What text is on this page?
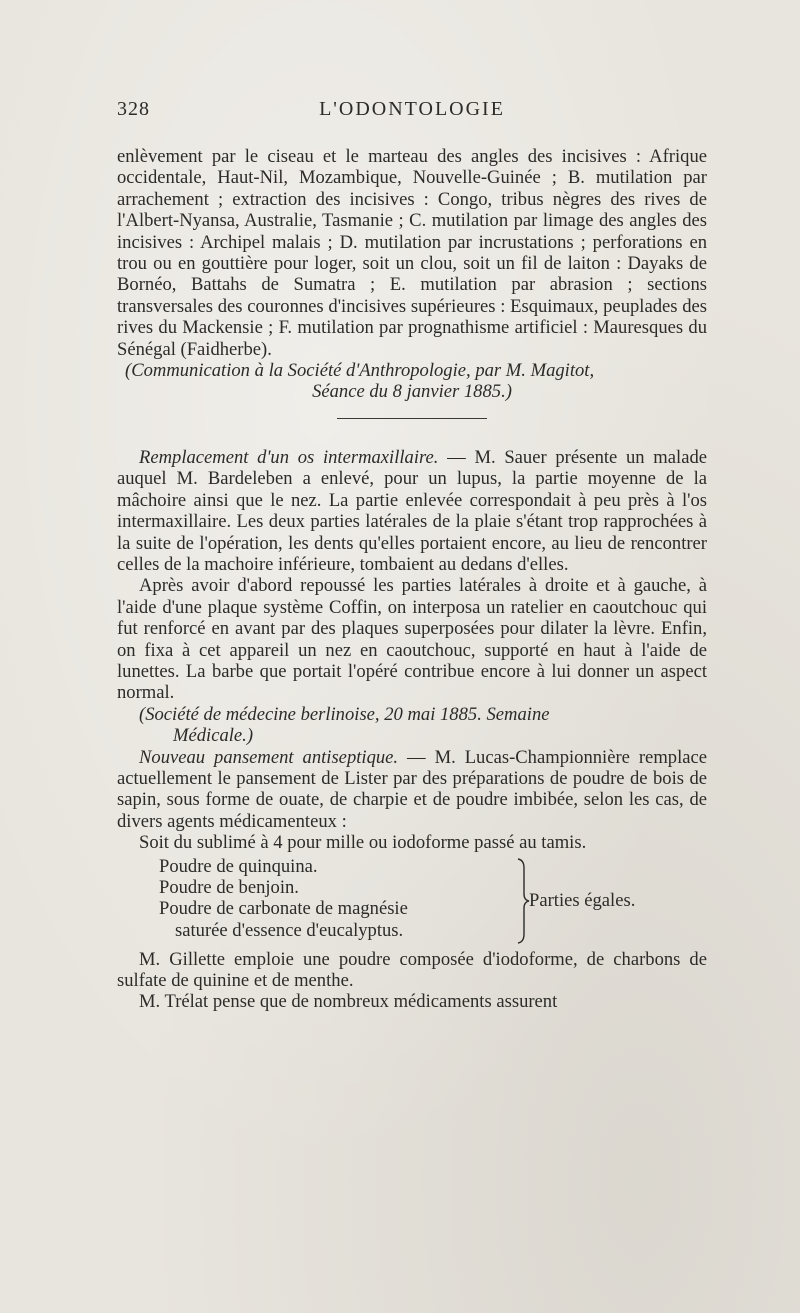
328	L'ODONTOLOGIE

enlèvement par le ciseau et le marteau des angles des incisives : Afrique occidentale, Haut-Nil, Mozambique, Nouvelle-Guinée ; B. mutilation par arrachement ; extraction des incisives : Congo, tribus nègres des rives de l'Albert-Nyansa, Australie, Tasmanie ; C. mutilation par limage des angles des incisives : Archipel malais ; D. mutilation par incrustations ; perforations en trou ou en gouttière pour loger, soit un clou, soit un fil de laiton : Dayaks de Bornéo, Battahs de Sumatra ; E. mutilation par abrasion ; sections transversales des couronnes d'incisives supérieures : Esquimaux, peuplades des rives du Mackensie ; F. mutilation par prognathisme artificiel : Mauresques du Sénégal (Faidherbe).

(Communication à la Société d'Anthropologie, par M. Magitot,

Séance du 8 janvier 1885.)

Remplacement d'un os intermaxillaire. — M. Sauer présente un malade auquel M. Bardeleben a enlevé, pour un lupus, la partie moyenne de la mâchoire ainsi que le nez. La partie enlevée correspondait à peu près à l'os intermaxillaire. Les deux parties latérales de la plaie s'étant trop rapprochées à la suite de l'opération, les dents qu'elles portaient encore, au lieu de rencontrer celles de la machoire inférieure, tombaient au dedans d'elles.

Après avoir d'abord repoussé les parties latérales à droite et à gauche, à l'aide d'une plaque système Coffin, on interposa un ratelier en caoutchouc qui fut renforcé en avant par des plaques superposées pour dilater la lèvre. Enfin, on fixa à cet appareil un nez en caoutchouc, supporté en haut à l'aide de lunettes. La barbe que portait l'opéré contribue encore à lui donner un aspect normal.

(Société de médecine berlinoise, 20 mai 1885. Semaine

Médicale.)

Nouveau pansement antiseptique. — M. Lucas-Championnière remplace actuellement le pansement de Lister par des préparations de poudre de bois de sapin, sous forme de ouate, de charpie et de poudre imbibée, selon les cas, de divers agents médicamenteux :

Soit du sublimé à 4 pour mille ou iodoforme passé au tamis.

Poudre de quinquina.
Poudre de benjoin.
Poudre de carbonate de magnésie
saturée d'essence d'eucalyptus.
Parties égales.

M. Gillette emploie une poudre composée d'iodoforme, de charbons de sulfate de quinine et de menthe.

M. Trélat pense que de nombreux médicaments assurent
